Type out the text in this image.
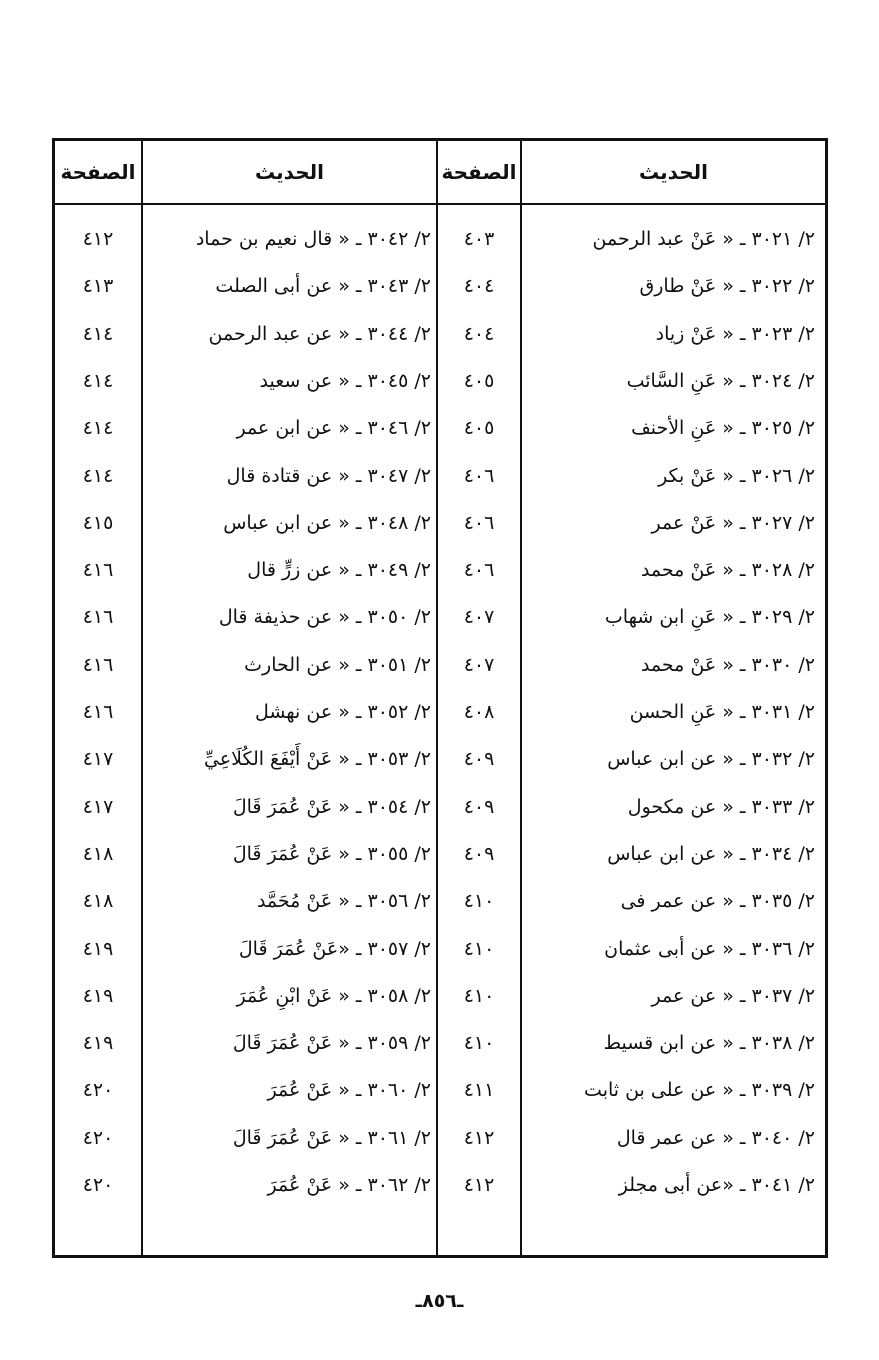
الحديث
الصفحة
الحديث
الصفحة
٢/ ٣٠٢١ ـ « عَنْ عبد الرحمن
٤٠٣
٢/ ٣٠٤٢ ـ « قال نعيم بن حماد
٤١٢
٢/ ٣٠٢٢ ـ « عَنْ طارق
٤٠٤
٢/ ٣٠٤٣ ـ « عن أبى الصلت
٤١٣
٢/ ٣٠٢٣ ـ « عَنْ زياد
٤٠٤
٢/ ٣٠٤٤ ـ « عن عبد الرحمن
٤١٤
٢/ ٣٠٢٤ ـ « عَنِ السَّائب
٤٠٥
٢/ ٣٠٤٥ ـ « عن سعيد
٤١٤
٢/ ٣٠٢٥ ـ « عَنِ الأحنف
٤٠٥
٢/ ٣٠٤٦ ـ « عن ابن عمر
٤١٤
٢/ ٣٠٢٦ ـ « عَنْ بكر
٤٠٦
٢/ ٣٠٤٧ ـ « عن قتادة قال
٤١٤
٢/ ٣٠٢٧ ـ « عَنْ عمر
٤٠٦
٢/ ٣٠٤٨ ـ « عن ابن عباس
٤١٥
٢/ ٣٠٢٨ ـ « عَنْ محمد
٤٠٦
٢/ ٣٠٤٩ ـ « عن زرٍّ قال
٤١٦
٢/ ٣٠٢٩ ـ « عَنِ ابن شهاب
٤٠٧
٢/ ٣٠٥٠ ـ « عن حذيفة قال
٤١٦
٢/ ٣٠٣٠ ـ « عَنْ محمد
٤٠٧
٢/ ٣٠٥١ ـ « عن الحارث
٤١٦
٢/ ٣٠٣١ ـ « عَنِ الحسن
٤٠٨
٢/ ٣٠٥٢ ـ « عن نهشل
٤١٦
٢/ ٣٠٣٢ ـ « عن ابن عباس
٤٠٩
٢/ ٣٠٥٣ ـ « عَنْ أَيْفَعَ الكُلَاعِيِّ
٤١٧
٢/ ٣٠٣٣ ـ « عن مكحول
٤٠٩
٢/ ٣٠٥٤ ـ « عَنْ عُمَرَ قَالَ
٤١٧
٢/ ٣٠٣٤ ـ « عن ابن عباس
٤٠٩
٢/ ٣٠٥٥ ـ « عَنْ عُمَرَ قَالَ
٤١٨
٢/ ٣٠٣٥ ـ « عن عمر فى
٤١٠
٢/ ٣٠٥٦ ـ « عَنْ مُحَمَّد
٤١٨
٢/ ٣٠٣٦ ـ « عن أبى عثمان
٤١٠
٢/ ٣٠٥٧ ـ «عَنْ عُمَرَ قَالَ
٤١٩
٢/ ٣٠٣٧ ـ « عن عمر
٤١٠
٢/ ٣٠٥٨ ـ « عَنْ ابْنِ عُمَرَ
٤١٩
٢/ ٣٠٣٨ ـ « عن ابن قسيط
٤١٠
٢/ ٣٠٥٩ ـ « عَنْ عُمَرَ قَالَ
٤١٩
٢/ ٣٠٣٩ ـ « عن على بن ثابت
٤١١
٢/ ٣٠٦٠ ـ « عَنْ عُمَرَ
٤٢٠
٢/ ٣٠٤٠ ـ « عن عمر قال
٤١٢
٢/ ٣٠٦١ ـ « عَنْ عُمَرَ قَالَ
٤٢٠
٢/ ٣٠٤١ ـ «عن أبى مجلز
٤١٢
٢/ ٣٠٦٢ ـ « عَنْ عُمَرَ
٤٢٠
ـ٨٥٦ـ
